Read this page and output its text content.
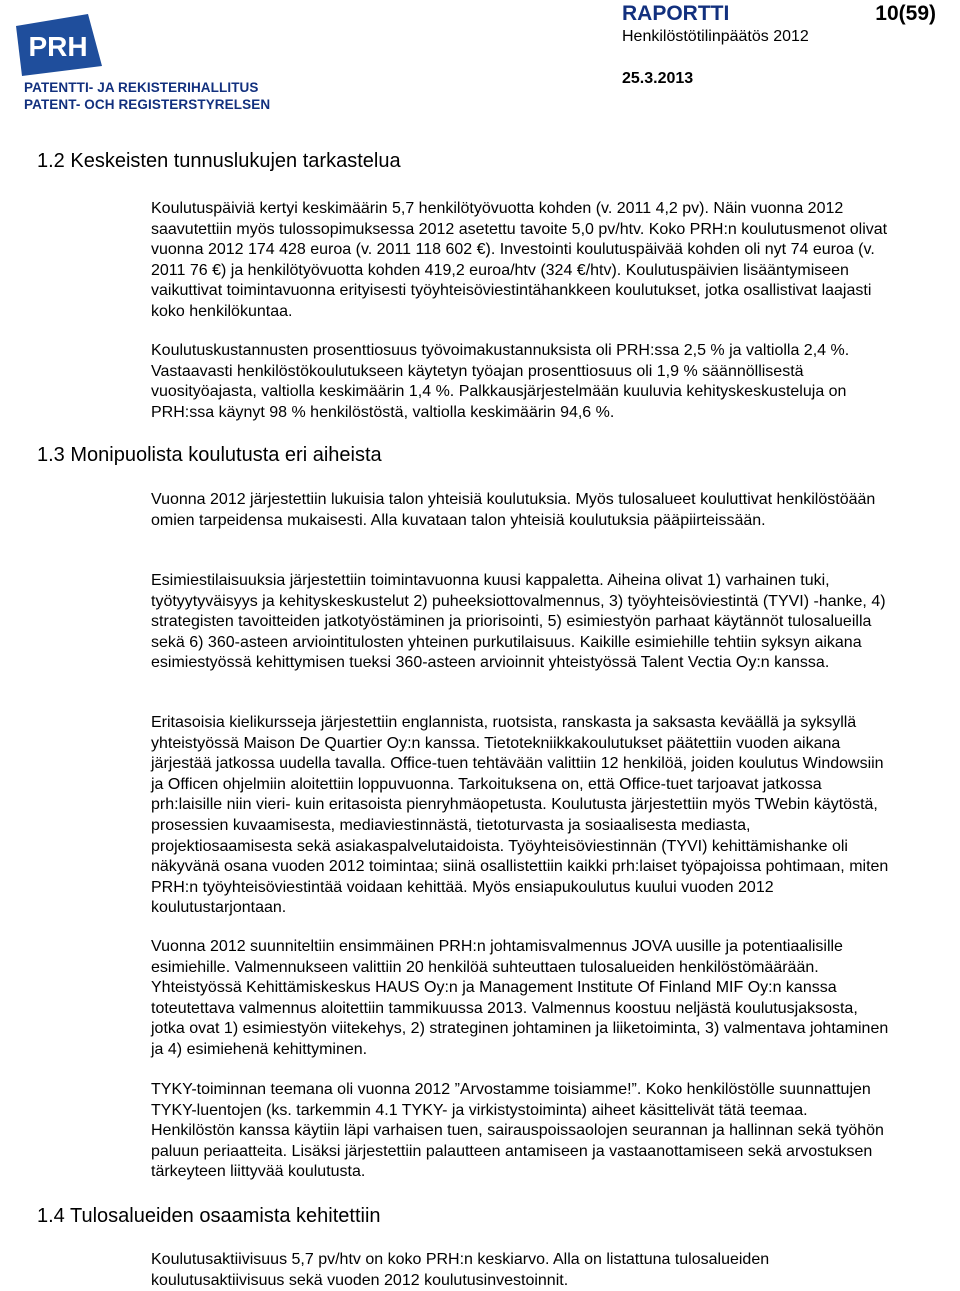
PRH
PATENTTI- JA REKISTERIHALLITUS
PATENT- OCH REGISTERSTYRELSEN
RAPORTTI	10(59)
Henkilöstötilinpäätös 2012
25.3.2013
1.2 Keskeisten tunnuslukujen tarkastelua

Koulutuspäiviä kertyi keskimäärin 5,7 henkilötyövuotta kohden (v. 2011 4,2 pv). Näin vuonna 2012 saavutettiin myös tulossopimuksessa 2012 asetettu tavoite 5,0 pv/htv. Koko PRH:n koulutusmenot olivat vuonna 2012 174 428 euroa (v. 2011 118 602 €). Investointi koulutuspäivää kohden oli nyt 74 euroa (v. 2011 76 €) ja henkilötyövuotta kohden 419,2 euroa/htv (324 €/htv). Koulutuspäivien lisääntymiseen vaikuttivat toimintavuonna erityisesti työyhteisöviestintähankkeen koulutukset, jotka osallistivat laajasti koko henkilökuntaa.

Koulutuskustannusten prosenttiosuus työvoimakustannuksista oli PRH:ssa 2,5 % ja valtiolla 2,4 %. Vastaavasti henkilöstökoulutukseen käytetyn työajan prosenttiosuus oli 1,9 % säännöllisestä vuosityöajasta, valtiolla keskimäärin 1,4 %. Palkkausjärjestelmään kuuluvia kehityskeskusteluja on PRH:ssa käynyt 98 % henkilöstöstä, valtiolla keskimäärin 94,6 %.

1.3 Monipuolista koulutusta eri aiheista

Vuonna 2012 järjestettiin lukuisia talon yhteisiä koulutuksia. Myös tulosalueet kouluttivat henkilöstöään omien tarpeidensa mukaisesti. Alla kuvataan talon yhteisiä koulutuksia pääpiirteissään.

Esimiestilaisuuksia järjestettiin toimintavuonna kuusi kappaletta. Aiheina olivat 1) varhainen tuki, työtyytyväisyys ja kehityskeskustelut 2) puheeksiottovalmennus, 3) työyhteisöviestintä (TYVI) -hanke, 4) strategisten tavoitteiden jatkotyöstäminen ja priorisointi, 5) esimiestyön parhaat käytännöt tulosalueilla sekä 6) 360-asteen arviointitulosten yhteinen purkutilaisuus. Kaikille esimiehille tehtiin syksyn aikana esimiestyössä kehittymisen tueksi 360-asteen arvioinnit yhteistyössä Talent Vectia Oy:n kanssa.

Eritasoisia kielikursseja järjestettiin englannista, ruotsista, ranskasta ja saksasta keväällä ja syksyllä yhteistyössä Maison De Quartier Oy:n kanssa. Tietotekniikkakoulutukset päätettiin vuoden aikana järjestää jatkossa uudella tavalla. Office-tuen tehtävään valittiin 12 henkilöä, joiden koulutus Windowsiin ja Officen ohjelmiin aloitettiin loppuvuonna. Tarkoituksena on, että Office-tuet tarjoavat jatkossa prh:laisille niin vieri- kuin eritasoista pienryhmäopetusta. Koulutusta järjestettiin myös TWebin käytöstä, prosessien kuvaamisesta, mediaviestinnästä, tietoturvasta ja sosiaalisesta mediasta, projektiosaamisesta sekä asiakaspalvelutaidoista. Työyhteisöviestinnän (TYVI) kehittämishanke oli näkyvänä osana vuoden 2012 toimintaa; siinä osallistettiin kaikki prh:laiset työpajoissa pohtimaan, miten PRH:n työyhteisöviestintää voidaan kehittää. Myös ensiapukoulutus kuului vuoden 2012 koulutustarjontaan.

Vuonna 2012 suunniteltiin ensimmäinen PRH:n johtamisvalmennus JOVA uusille ja potentiaalisille esimiehille. Valmennukseen valittiin 20 henkilöä suhteuttaen tulosalueiden henkilöstömäärään. Yhteistyössä Kehittämiskeskus HAUS Oy:n ja Management Institute Of Finland MIF Oy:n kanssa toteutettava valmennus aloitettiin tammikuussa 2013. Valmennus koostuu neljästä koulutusjaksosta, jotka ovat 1) esimiestyön viitekehys, 2) strateginen johtaminen ja liiketoiminta, 3) valmentava johtaminen ja 4) esimiehenä kehittyminen.

TYKY-toiminnan teemana oli vuonna 2012 ”Arvostamme toisiamme!”. Koko henkilöstölle suunnattujen TYKY-luentojen (ks. tarkemmin 4.1 TYKY- ja virkistystoiminta) aiheet käsittelivät tätä teemaa. Henkilöstön kanssa käytiin läpi varhaisen tuen, sairauspoissaolojen seurannan ja hallinnan sekä työhön paluun periaatteita. Lisäksi järjestettiin palautteen antamiseen ja vastaanottamiseen sekä arvostuksen tärkeyteen liittyvää koulutusta.

1.4 Tulosalueiden osaamista kehitettiin

Koulutusaktiivisuus 5,7 pv/htv on koko PRH:n keskiarvo. Alla on listattuna tulosalueiden koulutusaktiivisuus sekä vuoden 2012 koulutusinvestoinnit.
